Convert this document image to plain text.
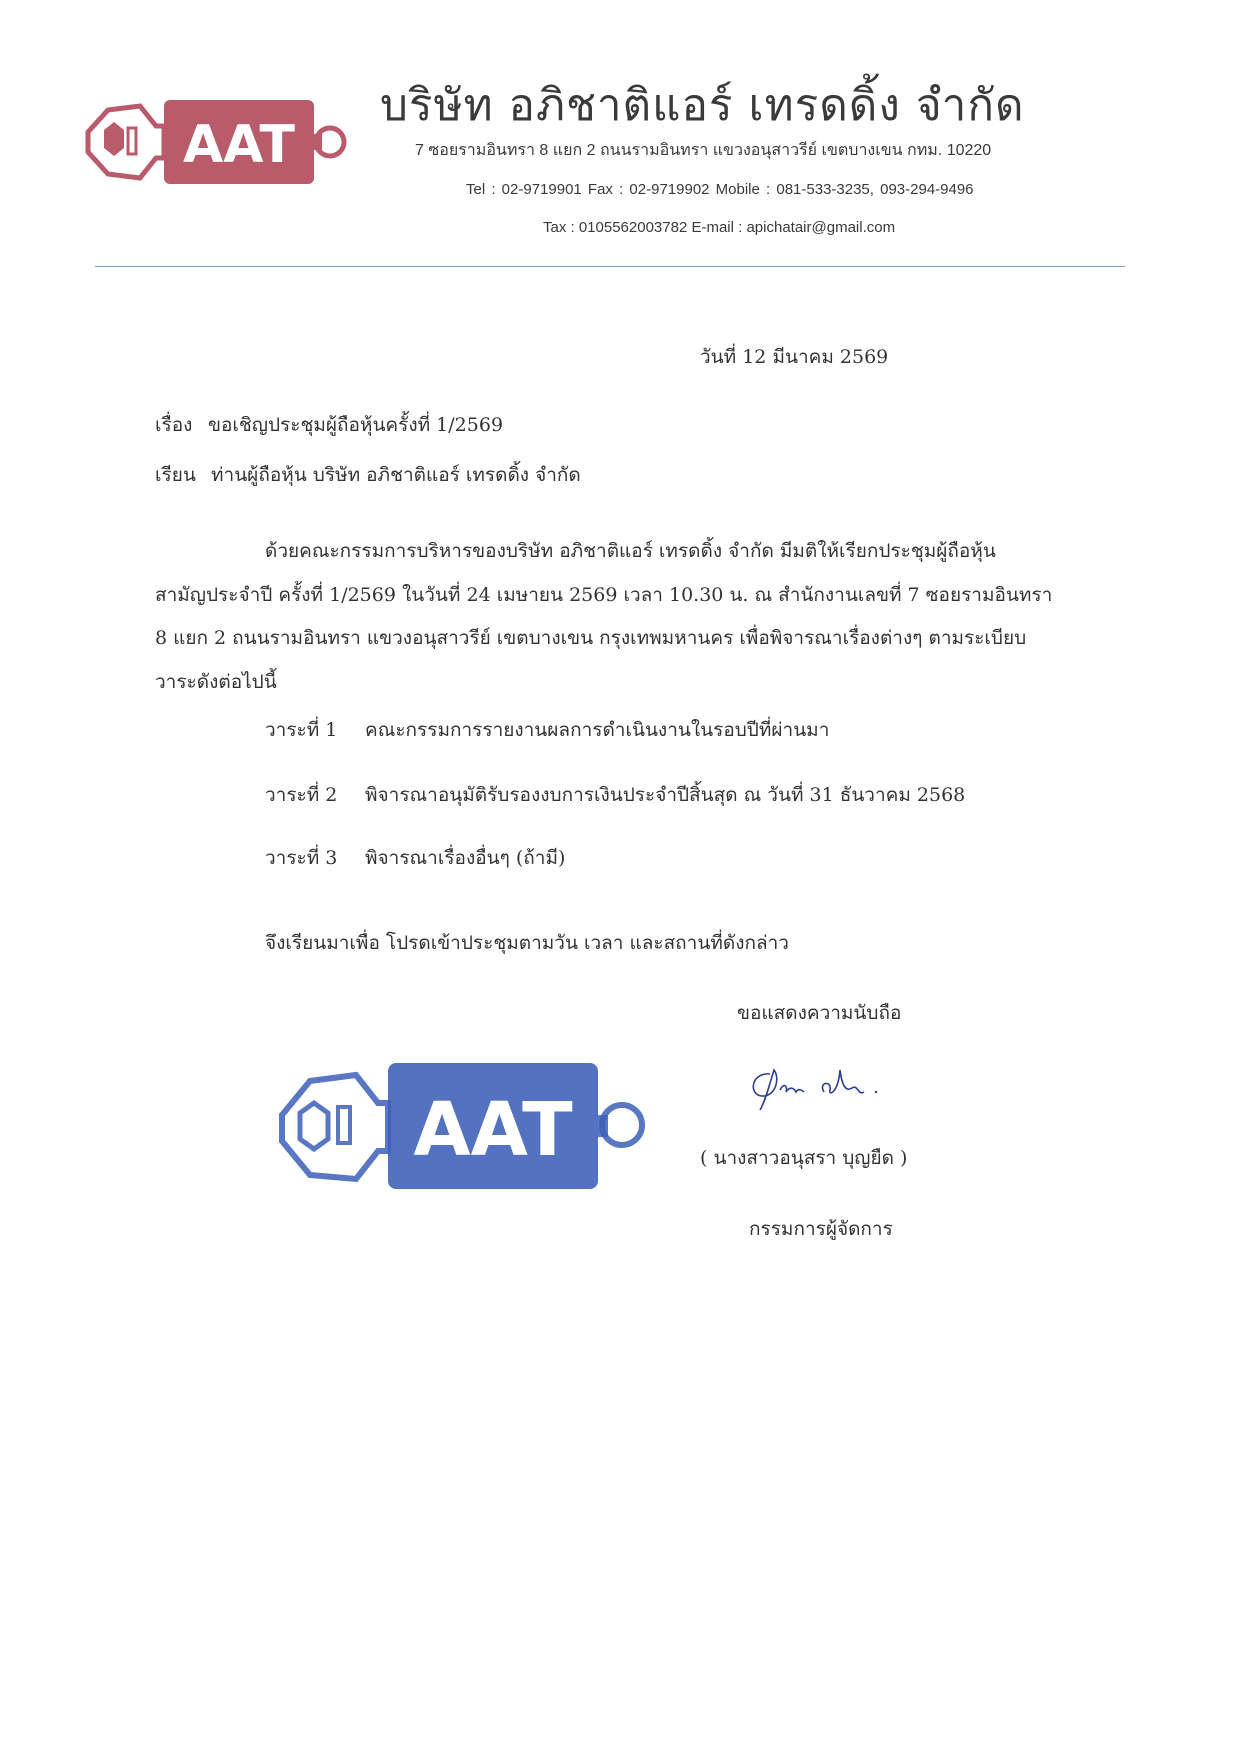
AAT
บริษัท อภิชาติแอร์ เทรดดิ้ง จำกัด
7 ซอยรามอินทรา 8 แยก 2 ถนนรามอินทรา แขวงอนุสาวรีย์ เขตบางเขน กทม. 10220
Tel : 02-9719901 Fax : 02-9719902 Mobile : 081-533-3235, 093-294-9496
Tax : 0105562003782 E-mail : apichatair@gmail.com
วันที่ 12 มีนาคม 2569
เรื่อง ขอเชิญประชุมผู้ถือหุ้นครั้งที่ 1/2569
เรียน ท่านผู้ถือหุ้น บริษัท อภิชาติแอร์ เทรดดิ้ง จำกัด
ด้วยคณะกรรมการบริหารของบริษัท อภิชาติแอร์ เทรดดิ้ง จำกัด มีมติให้เรียกประชุมผู้ถือหุ้น
สามัญประจำปี ครั้งที่ 1/2569 ในวันที่ 24 เมษายน 2569 เวลา 10.30 น. ณ สำนักงานเลขที่ 7 ซอยรามอินทรา
8 แยก 2 ถนนรามอินทรา แขวงอนุสาวรีย์ เขตบางเขน กรุงเทพมหานคร เพื่อพิจารณาเรื่องต่างๆ ตามระเบียบ
วาระดังต่อไปนี้
วาระที่ 1 คณะกรรมการรายงานผลการดำเนินงานในรอบปีที่ผ่านมา
วาระที่ 2 พิจารณาอนุมัติรับรองงบการเงินประจำปีสิ้นสุด ณ วันที่ 31 ธันวาคม 2568
วาระที่ 3 พิจารณาเรื่องอื่นๆ (ถ้ามี)
จึงเรียนมาเพื่อ โปรดเข้าประชุมตามวัน เวลา และสถานที่ดังกล่าว
ขอแสดงความนับถือ
( นางสาวอนุสรา บุญยืด )
กรรมการผู้จัดการ
AAT
